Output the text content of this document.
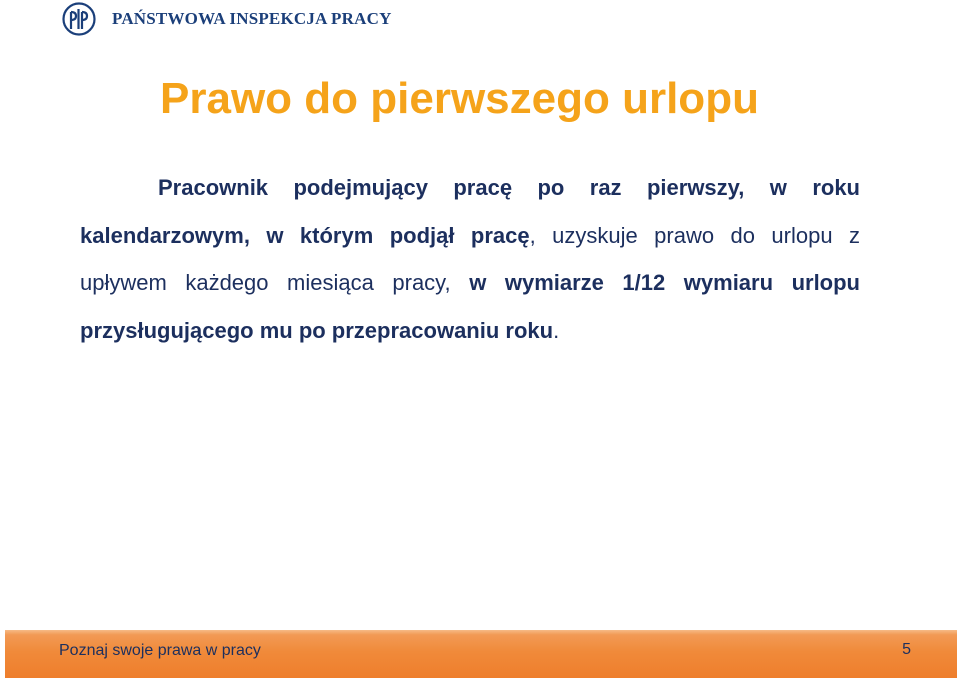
PAŃSTWOWA INSPEKCJA PRACY
Prawo do pierwszego urlopu

Pracownik podejmujący pracę po raz pierwszy, w roku kalendarzowym, w którym podjął pracę, uzyskuje prawo do urlopu z upływem każdego miesiąca pracy, w wymiarze 1/12 wymiaru urlopu przysługującego mu po przepracowaniu roku.

Poznaj swoje prawa w pracy	5
